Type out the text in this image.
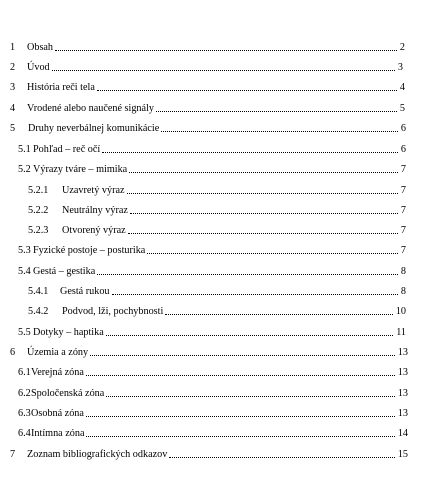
1	Obsah	2
2	Úvod	3
3	História reči tela	4
4	Vrodené alebo naučené signály	5
5	Druhy neverbálnej komunikácie	6
5.1 Pohľad – reč očí	6
5.2 Výrazy tváre – mimika	7
5.2.1	Uzavretý výraz	7
5.2.2	Neutrálny výraz	7
5.2.3	Otvorený výraz	7
5.3 Fyzické postoje – posturika	7
5.4 Gestá – gestika	8
5.4.1	Gestá rukou	8
5.4.2	Podvod, lži, pochybnosti	10
5.5 Dotyky – haptika	11
6	Územia a zóny	13
6.1 Verejná zóna	13
6.2 Spoločenská zóna	13
6.3 Osobná zóna	13
6.4 Intímna zóna	14
7	Zoznam bibliografických odkazov	15
